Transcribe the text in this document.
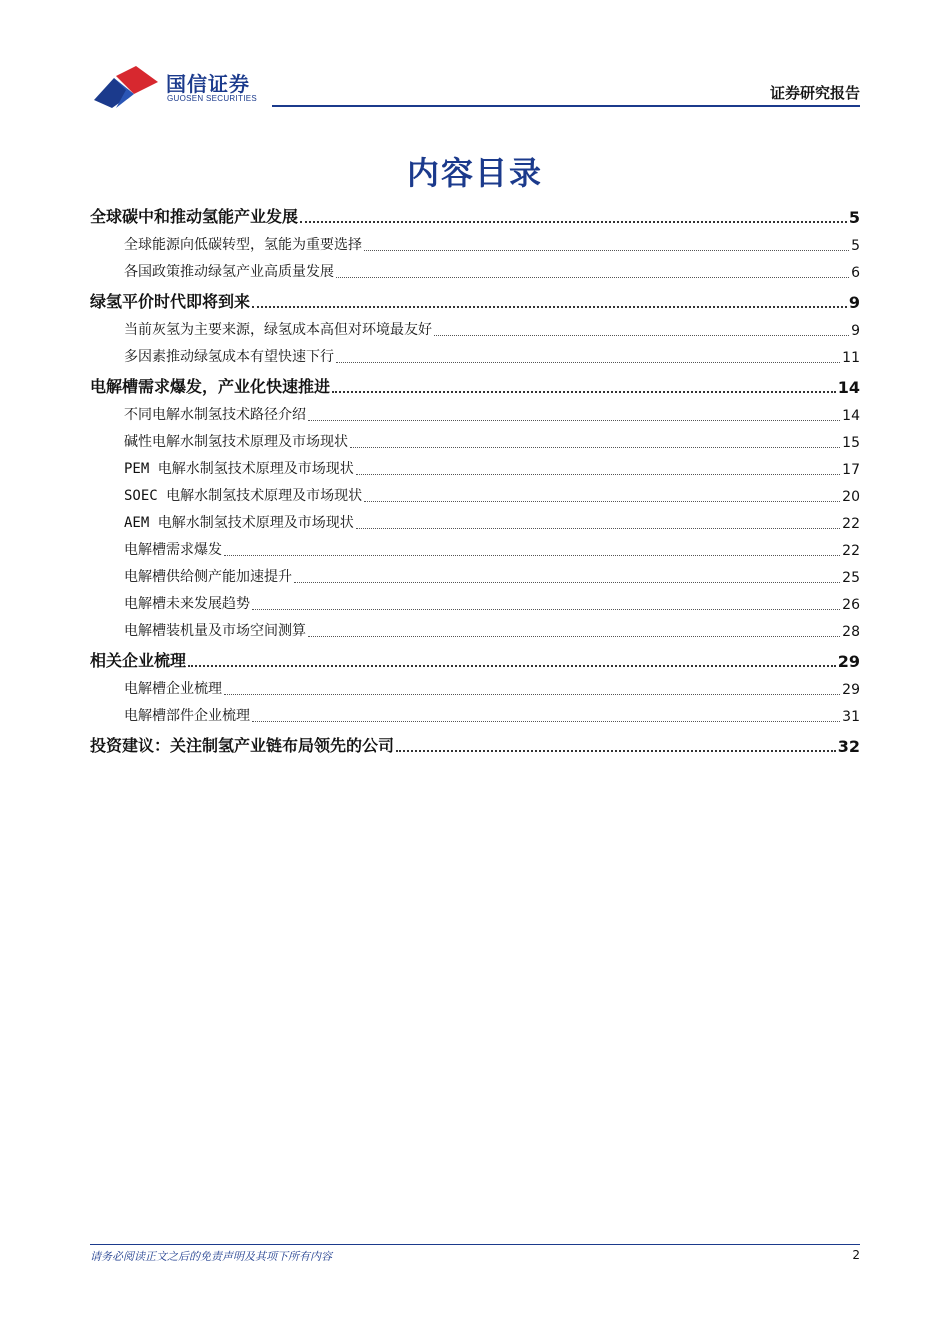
国信证券
GUOSEN SECURITIES	证券研究报告
内容目录
全球碳中和推动氢能产业发展	5
全球能源向低碳转型，氢能为重要选择	5
各国政策推动绿氢产业高质量发展	6
绿氢平价时代即将到来	9
当前灰氢为主要来源，绿氢成本高但对环境最友好	9
多因素推动绿氢成本有望快速下行	11
电解槽需求爆发，产业化快速推进	14
不同电解水制氢技术路径介绍	14
碱性电解水制氢技术原理及市场现状	15
PEM 电解水制氢技术原理及市场现状	17
SOEC 电解水制氢技术原理及市场现状	20
AEM 电解水制氢技术原理及市场现状	22
电解槽需求爆发	22
电解槽供给侧产能加速提升	25
电解槽未来发展趋势	26
电解槽装机量及市场空间测算	28
相关企业梳理	29
电解槽企业梳理	29
电解槽部件企业梳理	31
投资建议：关注制氢产业链布局领先的公司	32
请务必阅读正文之后的免责声明及其项下所有内容	2
